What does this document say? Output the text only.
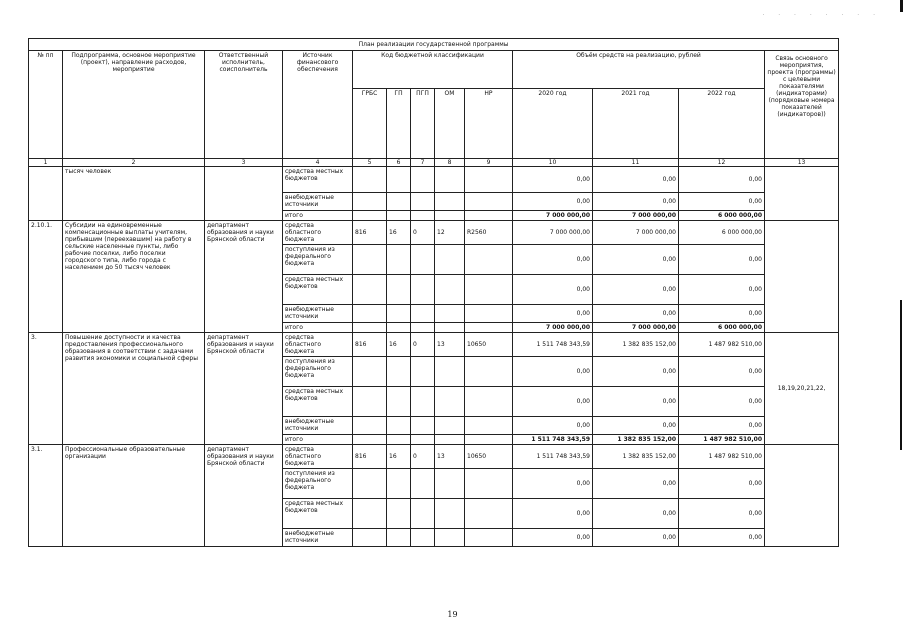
· · · · · · · ·
План реализации государственной программы												
№ пп	Подпрограмма, основное мероприятие (проект), направление расходов, мероприятие	Ответственный исполнитель, соисполнитель	Источник финансового обеспечения	Код бюджетной классификации					Объём средств на реализацию, рублей			Связь основного мероприятия, проекта (программы) с целевыми показателями (индикаторами) (порядковые номера показателей (индикаторов))
				ГРБС	ГП	ПГП	ОМ	НР	2020 год	2021 год	2022 год	
1	2	3	4	5	6	7	8	9	10	11	12	13
	тысяч человек		средства местных бюджетов						0,00	0,00	0,00	
			внебюджетные источники						0,00	0,00	0,00	
			итого						7 000 000,00	7 000 000,00	6 000 000,00	
2.10.1.	Субсидии на единовременные компенсационные выплаты учителям, прибывшим (переехавшим) на работу в сельские населенные пункты, либо рабочие поселки, либо поселки городского типа, либо города с населением до 50 тысяч человек	департамент образования и науки Брянской области	средства областного бюджета	816	16	0	12	R2560	7 000 000,00	7 000 000,00	6 000 000,00	
			поступления из федерального бюджета						0,00	0,00	0,00	
			средства местных бюджетов						0,00	0,00	0,00	
			внебюджетные источники						0,00	0,00	0,00	
			итого						7 000 000,00	7 000 000,00	6 000 000,00	
3.	Повышение доступности и качества предоставления профессионального образования в соответствии с задачами развития экономики и социальной сферы	департамент образования и науки Брянской области	средства областного бюджета	816	16	0	13	10650	1 511 748 343,59	1 382 835 152,00	1 487 982 510,00	18,19,20,21,22,
			поступления из федерального бюджета						0,00	0,00	0,00	
			средства местных бюджетов						0,00	0,00	0,00	
			внебюджетные источники						0,00	0,00	0,00	
			итого						1 511 748 343,59	1 382 835 152,00	1 487 982 510,00	
3.1.	Профессиональные образовательные организации	департамент образования и науки Брянской области	средства областного бюджета	816	16	0	13	10650	1 511 748 343,59	1 382 835 152,00	1 487 982 510,00	
			поступления из федерального бюджета						0,00	0,00	0,00	
			средства местных бюджетов						0,00	0,00	0,00	
			внебюджетные источники						0,00	0,00	0,00	
19
